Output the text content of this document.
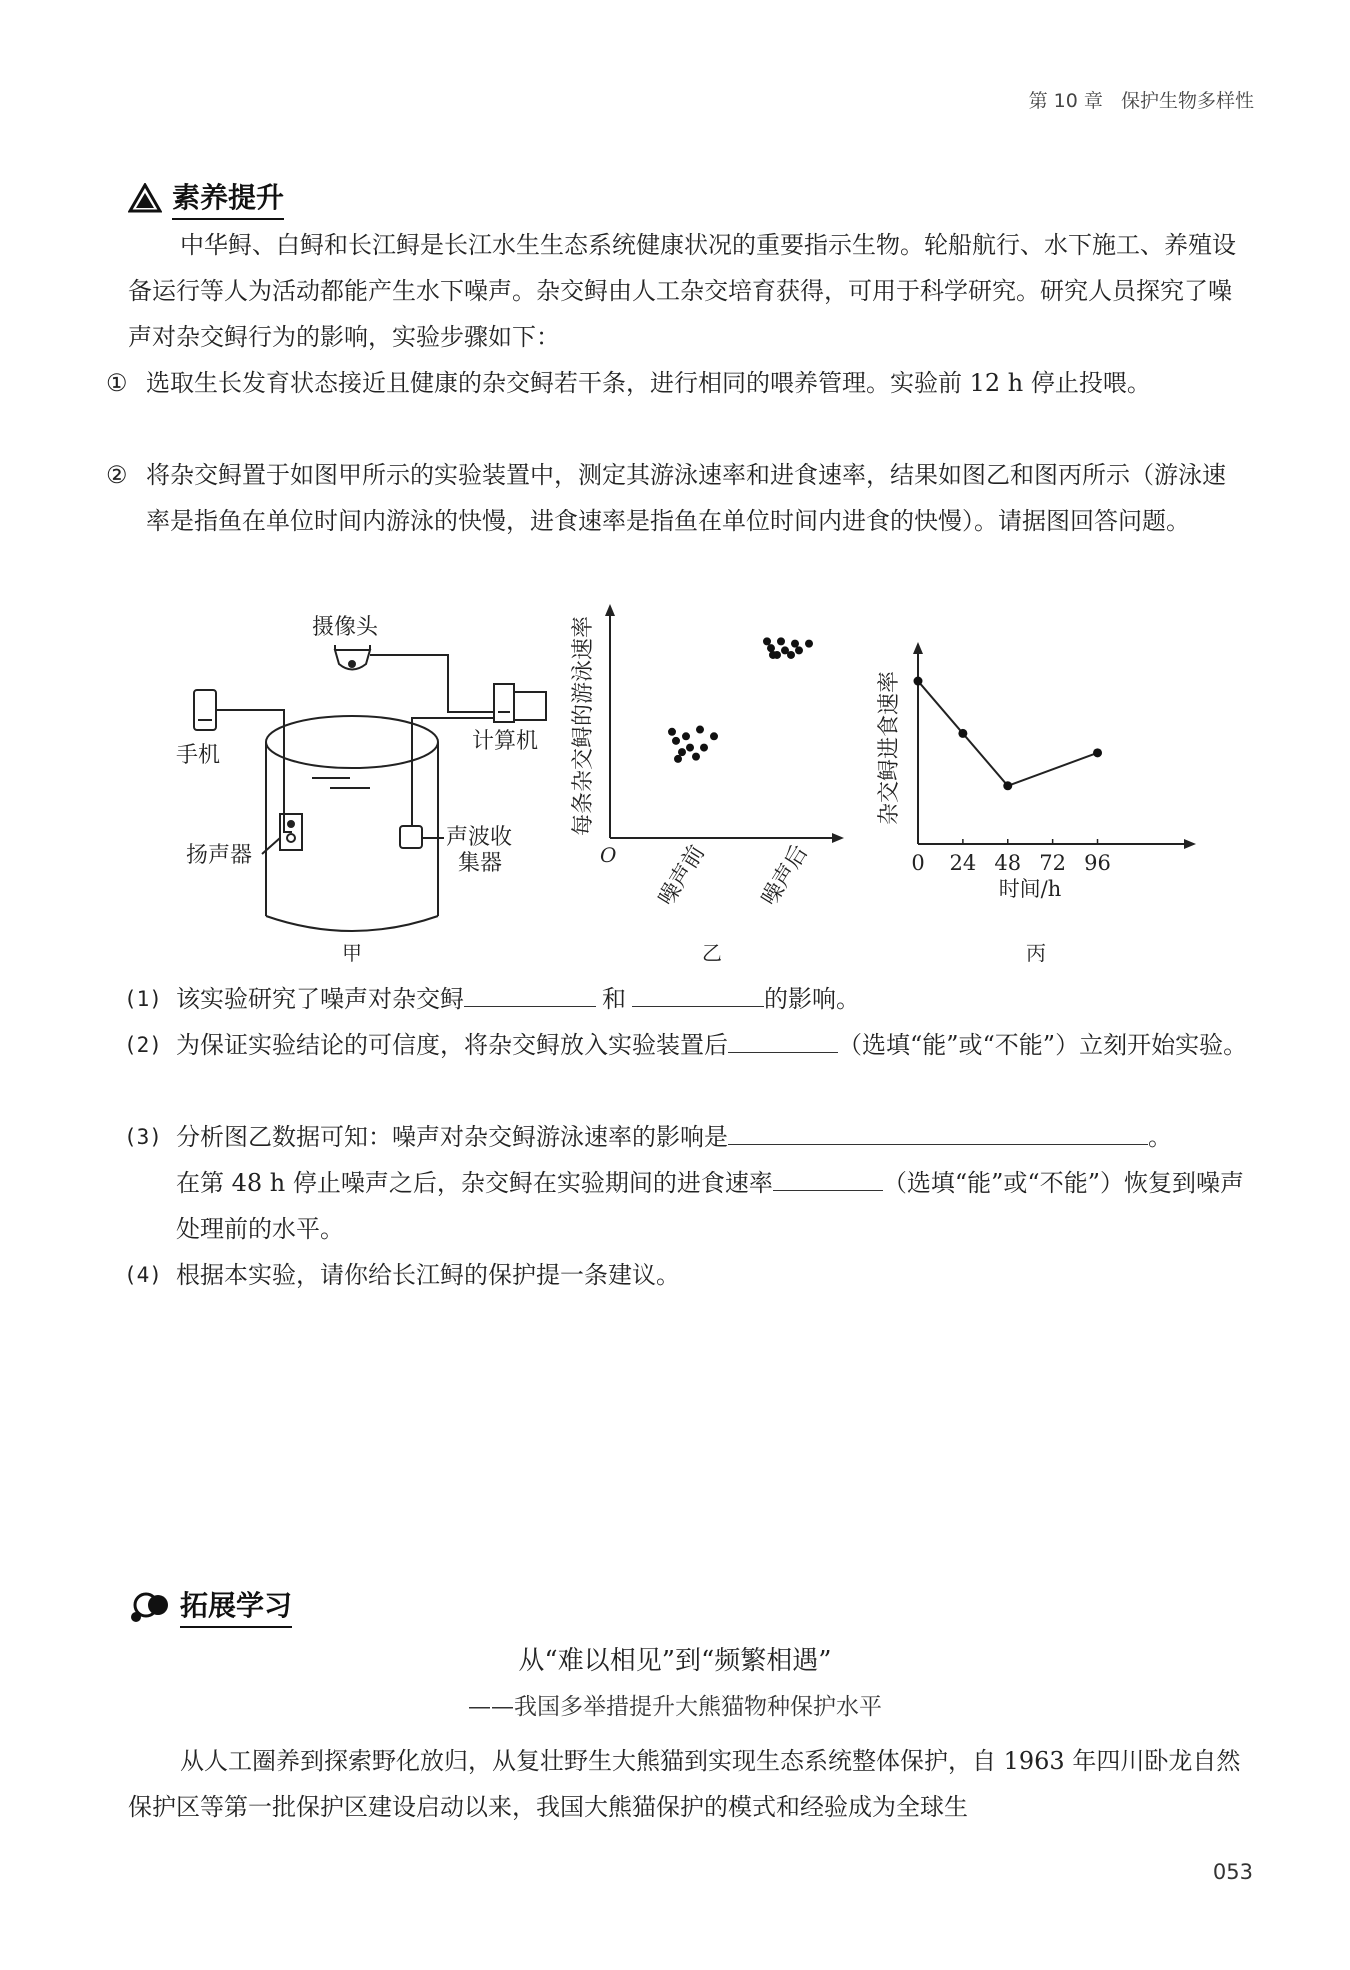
第 10 章 保护生物多样性
素养提升
中华鲟、白鲟和长江鲟是长江水生生态系统健康状况的重要指示生物。轮船航行、水下施工、养殖设备运行等人为活动都能产生水下噪声。杂交鲟由人工杂交培育获得，可用于科学研究。研究人员探究了噪声对杂交鲟行为的影响，实验步骤如下：
① 选取生长发育状态接近且健康的杂交鲟若干条，进行相同的喂养管理。实验前 12 h 停止投喂。
② 将杂交鲟置于如图甲所示的实验装置中，测定其游泳速率和进食速率，结果如图乙和图丙所示（游泳速率是指鱼在单位时间内游泳的快慢，进食速率是指鱼在单位时间内进食的快慢）。请据图回答问题。
摄像头
手机
计算机
扬声器
声波收
集器
甲
每条杂交鲟的游泳速率
O 噪声前 噪声后
乙
杂交鲟进食速率
0 24 48 72 96
时间/h
丙
(1) 该实验研究了噪声对杂交鲟	和	的影响。
(2) 为保证实验结论的可信度，将杂交鲟放入实验装置后	（选填“能”或“不能”）立刻开始实验。
(3) 分析图乙数据可知：噪声对杂交鲟游泳速率的影响是	。
在第 48 h 停止噪声之后，杂交鲟在实验期间的进食速率	（选填“能”或“不能”）恢复到噪声处理前的水平。
(4) 根据本实验，请你给长江鲟的保护提一条建议。
拓展学习
从“难以相见”到“频繁相遇”
——我国多举措提升大熊猫物种保护水平
从人工圈养到探索野化放归，从复壮野生大熊猫到实现生态系统整体保护，自 1963 年四川卧龙自然保护区等第一批保护区建设启动以来，我国大熊猫保护的模式和经验成为全球生
053
